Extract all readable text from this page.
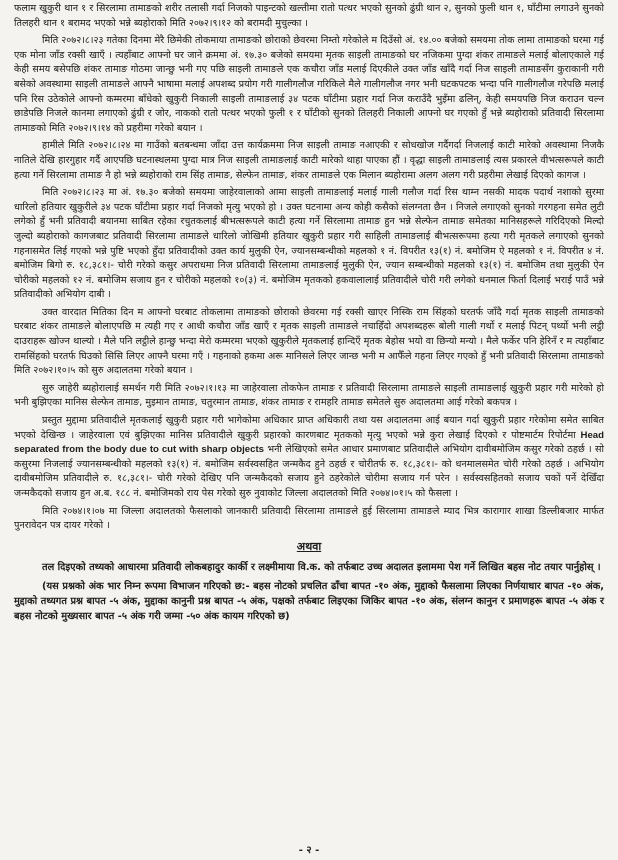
फलाम खुकुरी थान १ र सिरलामा तामाङको शरीर तलासी गर्दा निजको पाइन्टको खल्तीमा रातो पत्थर भएको सुनको ढुंग्री थान २, सुनको फुली थान १, घाँटीमा लगाउने सुनको तिलहरी थान १ बरामद भएको भन्ने ब्यहोराको मिति २०७२।९।१२ को बरामदी मुचुल्का ।

मिति २०७२।८।२३ गतेका दिनमा मेरै छिमेकी तोकमाया तामाङको छोराको छेवरमा निम्तो गरेकोले म दिउँसो अं. १४.०० बजेको समयमा तोक लामा तामाङको घरमा गई एक मोना जाँड रक्सी खाएँ । त्यहाँबाट आफ्नो घर जाने क्रममा अं. १७.३० बजेको समयमा मृतक साइली तामाङको घर नजिकमा पुग्दा शंकर तामाङले मलाई बोलाएकाले गई केही समय बसेपछि शंकर तामाङ गोठमा जान्छु भनी गए पछि साइली तामाङले एक कचौरा जाँड मलाई दिएकीले उक्त जाँड खाँदै गर्दा निज साइली तामाङसँग कुराकानी गरी बसेको अवस्थामा साइली तामाङले आफ्नै भाषामा मलाई अपशब्द प्रयोग गरी गालीगलौज गरिकिले मैले गालीगलौज नगर भनी घटकपटक भन्दा पनि गालीगलौज गरेपछि मलाई पनि रिस उठेकोले आफ्नो कम्मरमा बाँधेको खुकुरी निकाली साइली तामाङलाई ३४ पटक घाँटीमा प्रहार गर्दा निज कराउँदै भुइँमा ढलिन्, केही समयपछि निज कराउन चल्न छाडेपछि निजले कानमा लगाएको ढुंग्री र जोर, नाकको रातो पत्थर भएको फुली १ र घाँटीको सुनको तिलहरी निकाली आफ्नो घर गएको हुँ भन्ने ब्यहोराको प्रतिवादी सिरलामा तामाङको मिति २०७२।९।१४ को प्रहरीमा गरेको बयान ।

हामीले मिति २०७२।८।२४ मा गाउँको बतबन्धमा जाँदा उत्त कार्यक्रममा निज साइली तामाङ नआएकी र सोधखोज गर्दैगर्दा निजलाई काटी मारेको अवस्थामा निजकै नातिले देखि हारगुहार गर्दै आएपछि घटनास्थलमा पुग्दा मात्र निज साइली तामाङलाई काटी मारेको थाहा पाएका हौं । वृद्धा साइली तामाङलाई त्यस प्रकारले वीभत्सरूपले काटी हत्या गर्ने सिरलामा तामाङ नै हो भन्ने ब्यहोराको राम सिंह तामाङ, सेल्फेन तामाङ, शंकर तामाङले एक मिलान ब्यहोरामा अलग अलग गरी प्रहरीमा लेखाई दिएको कागज ।

मिति २०७२।८।२३ मा अं. १७.३० बजेको समयमा जाहेरवालाको आमा साइली तामाङलाई मलाई गाली गलौज गर्दा रिस थाम्न नसकी मादक पदार्थ नशाको सुरमा धारिलो हतियार खुकुरीले ३४ पटक घाँटीमा प्रहार गर्दा निजको मृत्यु भएको हो । उक्त घटनामा अन्य कोही कसैको संलग्नता छैन । निजले लगाएको सुनको गरगहना समेत लुटी लगेको हुँ भनी प्रतिवादी बयानमा साबित रहेका रचुतकलाई बीभत्सरूपले काटी हत्या गर्ने सिरलामा तामाङ हुन भन्ने सेल्फेन तामाङ समेतका मानिसहरूले गरिदिएको मिल्दो जुल्दो ब्यहोराको कागजबाट प्रतिवादी सिरलामा तामाङले धारिलो जोखिमी हतियार खुकुरी प्रहार गरी साहिली तामाङलाई बीभत्सरूपमा हत्या गरी मृतकले लगाएको सुनको गहनासमेत लिई गएको भन्ने पुष्टि भएको हुँदा प्रतिवादीको उक्त कार्य मुलुकी ऐन, ज्यानसम्बन्धीको महलको १ नं. विपरीत १३(१) नं. बमोजिम ऐ महलको १ नं. विपरीत ४ नं. बमोजिम बिगो रु. १८,३८१।- चोरी गरेको कसुर अपराधमा निज प्रतिवादी सिरलामा तामाङलाई मुलुकी ऐन, ज्यान सम्बन्धीको महलको १३(१) नं. बमोजिम तथा मुलुकी ऐन चोरीको महलको १२ नं. बमोजिम सजाय हुन र चोरीको महलको १०(३) नं. बमोजिम मृतकको हकवालालाई प्रतिवादीले चोरी गरी लगेको धनमाल फिर्ता दिलाई भराई पाउँ भन्ने प्रतिवादीको अभियोग दाबी ।

उक्त वारदात मितिका दिन म आफ्नो घरबाट तोकलामा तामाङको छोराको छेवरमा गई रक्सी खाएर निस्कि राम सिंहको घरतर्फ जाँदै गर्दा मृतक साइली तामाङको घरबाट शंकर तामाङले बोलाएपछि म त्यही गए र आधी कचौरा जाँड खाएँ र मृतक साइली तामाङले नचाहिँदो अपशब्दहरू बोली गाली गर्थो र मलाई पिटन् पर्थ्यो भनी लट्ठी दाउराहरू खोज्न थाल्यो । मैले पनि लट्ठीले हान्छु भन्दा मेरो कम्मरमा भएको खुकुरीले मृतकलाई हान्दिएँ मृतक बेहोस भयो वा छिन्यो मन्यो । मैले फर्केर पनि हेरिनँ र म त्यहाँबाट रामसिंहको घरतर्फ घिउको सिसि लिएर आफ्नै घरमा गएँ । गहनाको हकमा अरू मानिसले लिएर जान्छ भनी म आफैँले गहना लिएर गएको हुँ भनी प्रतिवादी सिरलामा तामाङको मिति २०७२।१०।५ को सुरु अदालतमा गरेको बयान ।

सुरु जाहेरी ब्यहोरालाई समर्थन गरी मिति २०७२।१।१३ मा जाहेरवाला तोकफेन तामाङ र प्रतिवादी सिरलामा तामाङले साइली तामाङलाई खुकुरी प्रहार गरी मारेको हो भनी बुझिएका मानिस सेल्फेन तामाङ, मुइमान तामाङ, चतुरमान तामाङ, शंकर तामाङ र रामहरि तामाङ समेतले सुरु अदालतमा आई गरेको बकपत्र ।

प्रस्तुत मुद्दामा प्रतिवादीले मृतकलाई खुकुरी प्रहार गरी भागेकोमा अधिकार प्राप्त अधिकारी तथा यस अदालतमा आई बयान गर्दा खुकुरी प्रहार गरेकोमा समेत साबित भएको देखिन्छ । जाहेरवाला एवं बुझिएका मानिस प्रतिवादीले खुकुरी प्रहारको कारणबाट मृतकको मृत्यु भएको भन्ने कुरा लेखाई दिएको र पोष्टमार्टम रिपोर्टमा Head separated from the body due to cut with sharp objects भनी लेखिएको समेत आधार प्रमाणबाट प्रतिवादीले अभियोग दावीबमोजिम कसुर गरेको ठहर्छ । सो कसुरमा निजलाई ज्यानसम्बन्धीको महलको १३(१) नं. बमोजिम सर्वस्वसहित जन्मकैद हुने ठहर्छ र चोरीतर्फ रु. १८,३८१।- को धनमालसमेत चोरी गरेको ठहर्छ । अभियोग दावीबमोजिम प्रतिवादीले रु. १८,३८१।- चोरी गरेको देखिए पनि जन्मकैदको सजाय हुने ठहरेकोले चोरीमा सजाय गर्न परेन । सर्वस्वसहितको सजाय चकों पर्ने देखिँदा जन्मकैदको सजाय हुन अ.ब. १८८ नं. बमोजिमको राय पेस गरेको सुरु नुवाकोट जिल्ला अदालतको मिति २०७४।०१।५ को फैसला ।

मिति २०७४।१।०७ मा जिल्ला अदालतको फैसलाको जानकारी प्रतिवादी सिरलामा तामाङले हुई सिरलामा तामाङले म्याद भित्र कारागार शाखा डिल्लीबजार मार्फत पुनरावेदन पत्र दायर गरेको ।

अथवा

तल दिइएको तथ्यको आधारमा प्रतिवादी लोकबहादुर कार्की र लक्ष्मीमाया वि.क. को तर्फबाट उच्च अदालत इलाममा पेश गर्ने लिखित बहस नोट तयार पार्नुहोस् ।

(यस प्रश्नको अंक भार निम्न रूपमा विभाजन गरिएको छ:- बहस नोटको प्रचलित ढाँचा बापत -१० अंक, मुद्दाको फैसलामा लिएका निर्णयाधार बापत -१० अंक, मुद्दाको तथ्यगत प्रश्न बापत -५ अंक, मुद्दाका कानुनी प्रश्न बापत -५ अंक, पक्षको तर्फबाट लिइएका जिकिर बापत -१० अंक, संलग्न कानुन र प्रमाणहरू बापत -५ अंक र बहस नोटको मुख्यसार बापत -५ अंक गरी जम्मा -५० अंक कायम गरिएको छ)

- २ -
